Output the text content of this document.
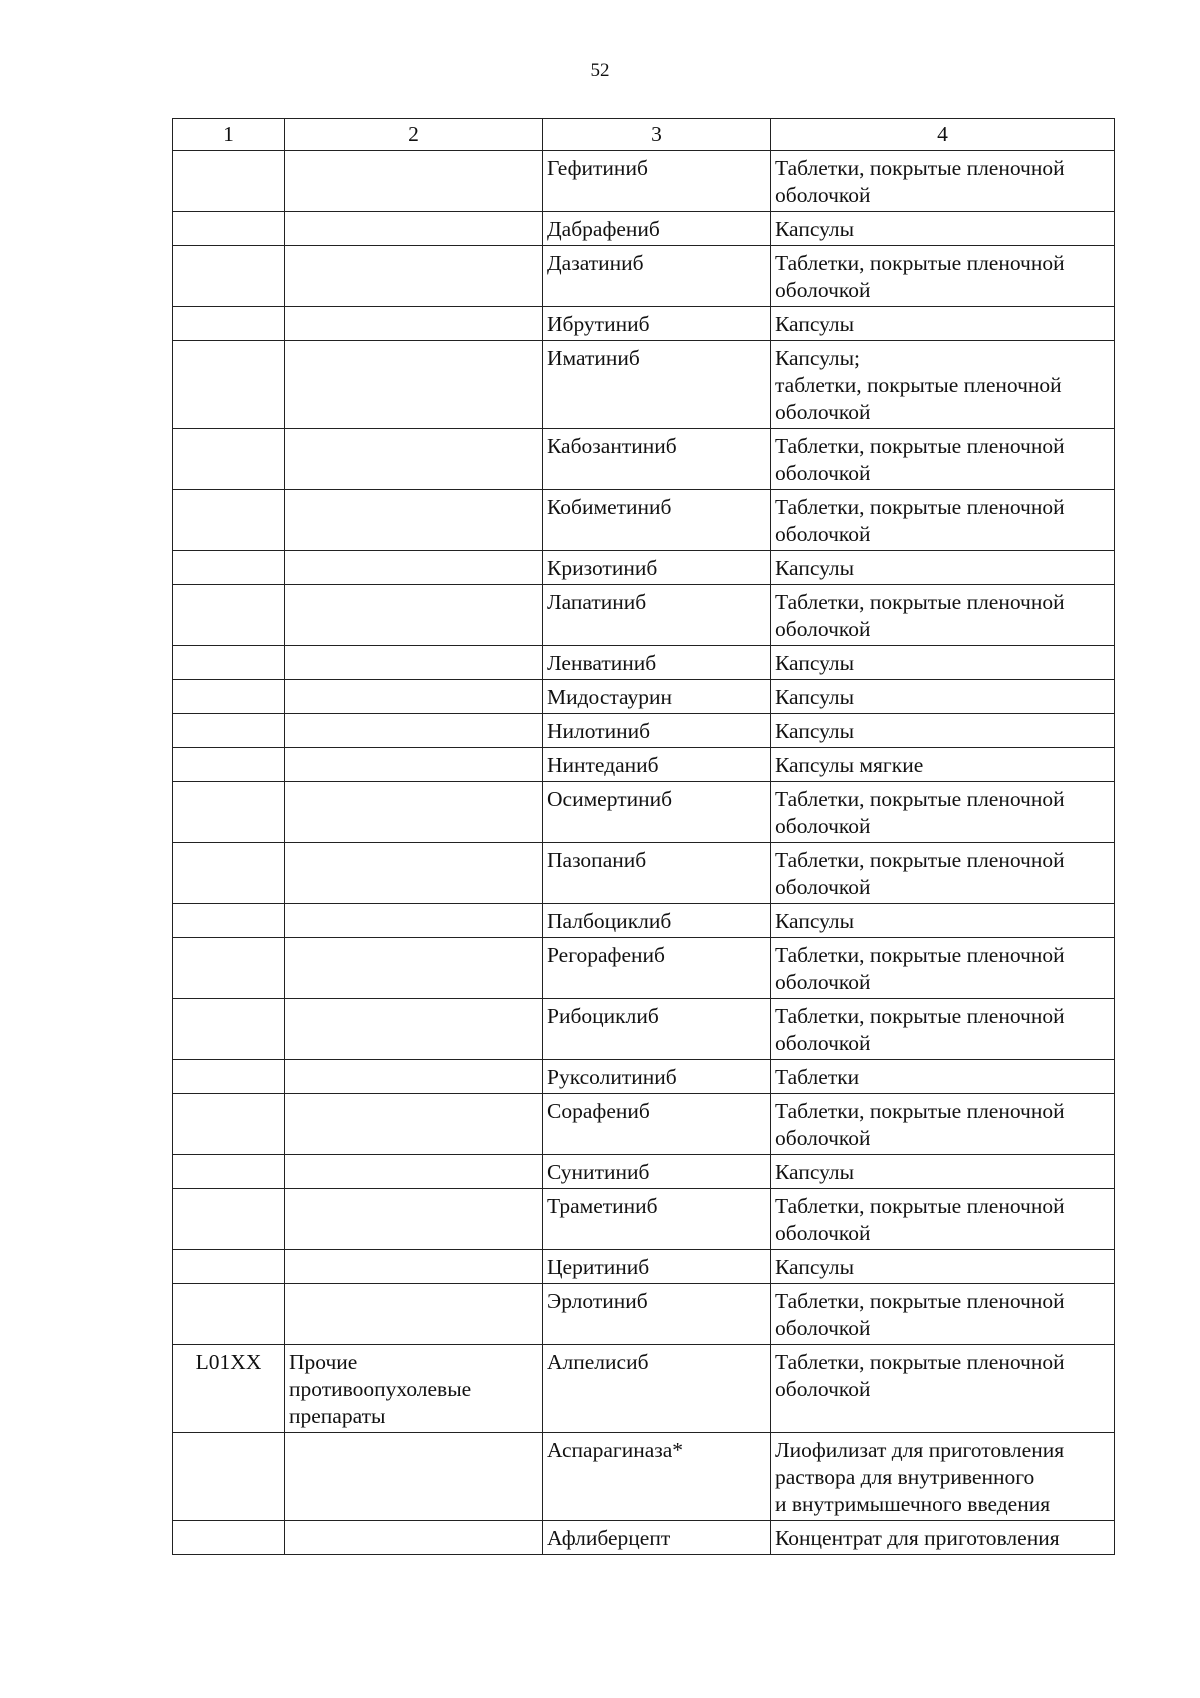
52
1	2	3	4
		Гефитиниб	Таблетки, покрытые пленочной
оболочкой

		Дабрафениб	Капсулы

		Дазатиниб	Таблетки, покрытые пленочной
оболочкой

		Ибрутиниб	Капсулы

		Иматиниб	Капсулы;
таблетки, покрытые пленочной
оболочкой

		Кабозантиниб	Таблетки, покрытые пленочной
оболочкой

		Кобиметиниб	Таблетки, покрытые пленочной
оболочкой

		Кризотиниб	Капсулы

		Лапатиниб	Таблетки, покрытые пленочной
оболочкой

		Ленватиниб	Капсулы

		Мидостаурин	Капсулы

		Нилотиниб	Капсулы

		Нинтеданиб	Капсулы мягкие

		Осимертиниб	Таблетки, покрытые пленочной
оболочкой

		Пазопаниб	Таблетки, покрытые пленочной
оболочкой

		Палбоциклиб	Капсулы

		Регорафениб	Таблетки, покрытые пленочной
оболочкой

		Рибоциклиб	Таблетки, покрытые пленочной
оболочкой

		Руксолитиниб	Таблетки

		Сорафениб	Таблетки, покрытые пленочной
оболочкой

		Сунитиниб	Капсулы

		Траметиниб	Таблетки, покрытые пленочной
оболочкой

		Церитиниб	Капсулы

		Эрлотиниб	Таблетки, покрытые пленочной
оболочкой

L01XX	Прочие
противоопухолевые
препараты	Алпелисиб	Таблетки, покрытые пленочной
оболочкой

		Аспарагиназа*	Лиофилизат для приготовления
раствора для внутривенного
и внутримышечного введения

		Афлиберцепт	Концентрат для приготовления
